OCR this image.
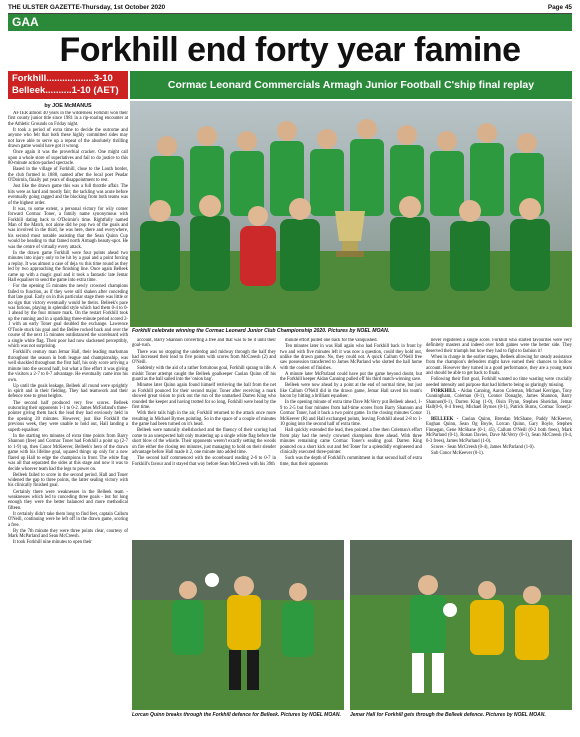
THE ULSTER GAZETTE-Thursday, 1st October 2020	Page 45
GAA
Forkhill end forty year famine
Forkhill..................3-10
Belleek..........1-10 (AET)	Cormac Leonard Commercials Armagh Junior Football C'ship final replay
by JOE McMANUS

AFTER almost 40 years in the wilderness Forkhill won their first county junior title since 1981 in a rip-roaring encounter at the Athletic Grounds on Friday night.

It took a period of extra time to decide the outcome and anyone who felt that both these highly committed sides may not have able to serve up a repeat of the absolutely thrilling drawn game would have got it wrong.

Once again it was the proverbial cracker. One might call upon a whole store of superlatives and fail to do justice to this 80-minute action-packed spectacle.

Based in the village of Forkhill, close to the Louth border, the club formed in 1888, named after the local poet Peadar O'Doirnin, finally put years of disappointment to rest.

Just like the drawn game this was a full throttle affair. The hits were as hard and mostly fair; the tackling was acute before eventually going ragged and the blocking from both teams was of the highest order.

It was, to some extent, a personal victory for wily corner forward Cormac Toner, a family name synonymous with Forkhill dating back to O'Doirnin's time. Rightfully named Man of the Match, not alone did he pop two of the goals and was involved in the third, he was here, there and everywhere, his second most notable assisting that the Sean Quinn Cup would be heading to that famed north Armagh beauty-spot. He was the centre of virtually every attack.

In the drawn game Forkhill were four points ahead two minutes into injury only to be hit by a goal and a point forcing a replay. It was almost a case of deja vu this time round as they led by two approaching the finishing line. Once again Belleek came up with a magic goal and it took a fantastic late Jemar Hall equaliser to send the game into extra time.

For the opening 15 minutes the newly crowned champions failed to function, as if they were still shaken after conceding that late goal. Early on in this particular stage there was little or no sign that victory eventually would be theirs. Belleek's pace was furious, playing in splendid style which had them 0-4 to 0-1 ahead by the four minute mark. On the restart Forkhill took up the running and in a sparkling three-minute period scored 2-1 with an early Toner goal doubled the exchange. Lawrence O'Toole stuck his goal and the Bellee rocked back and over the course of the next 15 minutes outdistanced the scoreboard with a single white flag. Their poor had now slackened perceptibly, which was not surprising.

Forkhill's century man Jemar Hall, their leading marksman throughout the season in both league and championship, was well shackled throughout the first half, his only score arriving a minute into the second half, but what a fine effort it was giving the visitors a 2-7 to 0-7 advantage. He eventually came into his own.

Up until the goals leakage, Belleek all round were sprightly in spirit and in their fielding. They had teamwork and their defence rose to great heights.

The second half produced very few scores. Belleek outscoring their opponents 1-1 to 0-2. James McFarland's three-pointer giving them back the lead they had enviously held in the opening 20 minutes. However, just like Forkhill the previous week, they were unable to hold out, Hall landing a superb equaliser.

In the starting ten minutes of extra time points from Barry Shannon (free) and Cormac Toner had Forkhill a point up (2-7 to 1-9) up, then Conor McKeever, Belleek's hero of the drawn game with his lifeline goal, squared things up only for a new flared up Hall to edge the champions in front. The white flag was all that separated the sides at this stage and now it was to decide whoever team had the legs to power on.

Belleek failed to score in the second period. Hall and Toner widened the gap to three points, the latter sealing victory with his clinically finished goal.

Certainly there were weaknesses in the Belleek team - weaknesses which led to conceding three goals - but for long enough they were the better balanced and more methodical fifteen.

It certainly didn't take them long to find feet, captain Callum O'Neill, continuing were he left off in the drawn game, scoring a free.

By the 7th minute they were three points clear, courtesy of Mark McParland and Sean McCreesh.

It took Forkhill nine minutes to open their

Forkhill celebrate winning the Cormac Leonard Junior Club Championship 2020. Pictures by NOEL MOAN.

account, Barry Shannon converting a free and that was to be it until their goal-rush.

There was no stopping the underdog and midway through the half they had increased their lead to five points with scores from McCreesh (2) and O'Neill.

Suddenly with the aid of a rather fortuitous goal, Forkhill sprang to life. A mishit Toner attempt caught the Belleek goalkeeper Caolan Quinn off his guard as the ball sailed into the 'onion bag'.

Minutes later Quinn again found himself retrieving the ball from the net as Forkhill pounced for their second major. Toner after receiving a mark showed great vision to pick out the run of the unmarked Darren King who rounded the keeper and having trotted for so long, Forkhill were head by the first time.

With their tails high in the air, Forkhill returned to the attack once more resulting in Michael Byrnes pointing. So in the space of a couple of minutes the game had been turned on it's head.

Belleek were naturally shellshocked and the fluency of their scoring had come to an unexpected halt only mustering up a single white flag before the short blow of the whistle. Their opponents weren't exactly setting the woods on fire either the closing ten minutes, just managing to hold on their slender advantage before Hall made it 2, one minute into added time.

The second half commenced with the scoreboard reading 2-6 to 0-7 in Forkhill's favour and it stayed that way before Sean McCreesh with his 39th

minute effort pulled one back for the vanquished.

Ten minutes later in was Hall again who had Forkhill back in front by two and with five minutes left it was now a question, could they hold out, unlike the drawn game. No, they could not. A quick Callum O'Neill free saw possession transferred to James McParland who slotted the ball home with the coolest of finishes.

A minute later McParland could have put the game beyond doubt, but the Forkhill keeper Aidan Canning pulled off his third match-winning save.

Belleek were now ahead by a point at the end of normal time, but just like Callum O'Neill did in the drawn game, Jemar Hall saved his team's bacon by hitting a brilliant equaliser.

In the opening minute of extra time Dave McVerry put Belleek ahead, 1-9 to 2-5 but four minutes from half-time scores from Barry Shannon and Cormac Toner, had it back a two point game. In the closing minutes Conor McKeever (R) and Hall exchanged points, leaving Forkhill ahead 2-8 to 1-10 going into the second half of extra time.

Hall quickly extended the lead, then pointed a free then Coleman's effort from play had the newly crowned champions three ahead. With three minutes remaining came Cormac Toner's sealing goal. Darren King pounced on a short kick out and fed Toner for a splendidly engineered and clinically executed three-pointer.

Such was the depth of Forkhill's commitment in that second half of extra time, that their opponents

never registered a single score. Forkhill who started favourites were very definitely masters and indeed over both games were the better side. They deserved their triumph but how they had to fight to fashion it!

When in charge in the earlier stages, Belleek allowing for steady assistance from the champion's defenders might have earned their chances to hollow account. However they turned in a good performance, they are a young team and should be able to get back to finals.

Following their first goal, Forkhill wanted no time wasting were crucially needed intensity and purpose that had hitherto being so glaringly missing.

FORKHILL - Aidan Canning, Aaron Coleman, Michael Kerrigan, Tony Cunningham, Coleman (0-1), Connor Donaghy, James Shannon, Barry Shannon(0-1), Darren King (1-0), Oisin Flynn, Stephen Sheridan, Jemar Hall(0-6, 0-4 frees), Michael Byrnes (0-1), Patrick Burns, Cormac Toner(2-1).

BELLEEK - Caolan Quinn, Brendan McShane, Paddy McKeever, Eoghan Quinn, Sean Og Boyle, Lorcan Quinn, Gary Boyle, Stephen Finnegan, Gene McShane (0-1, 45), Callum O'Neill (0-2 both frees), Mark McParland (0-1), Ronan Davies, Dave McVerry (0-1), Sean McCreesh (0-4, 0-3 frees), James McParland (1-0).

Scores - Sean McCreesh (0-4), James McParland (1-0).

Sub Conor McKeever (0-1).

Lorcan Quinn breaks through the Forkhill defence for Belleek. Pictures by NOEL MOAN.	Jemar Hall for Forkhill gets through the Belleek defence. Pictures by NOEL MOAN.
